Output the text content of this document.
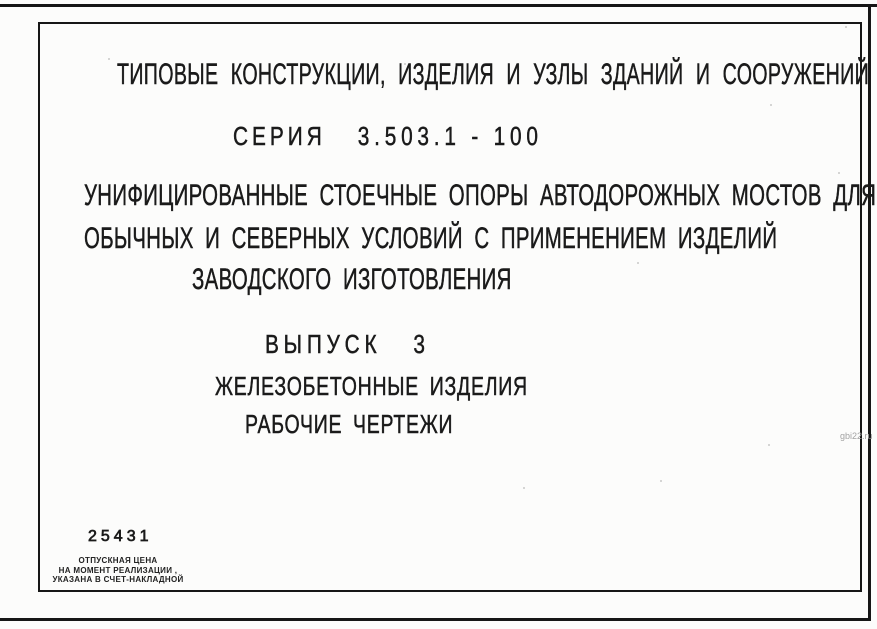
ТИПОВЫЕ КОНСТРУКЦИИ, ИЗДЕЛИЯ И УЗЛЫ ЗДАНИЙ И СООРУЖЕНИЙ
СЕРИЯ 3.503.1 - 100
УНИФИЦИРОВАННЫЕ СТОЕЧНЫЕ ОПОРЫ АВТОДОРОЖНЫХ МОСТОВ ДЛЯ
ОБЫЧНЫХ И СЕВЕРНЫХ УСЛОВИЙ С ПРИМЕНЕНИЕМ ИЗДЕЛИЙ
ЗАВОДСКОГО ИЗГОТОВЛЕНИЯ
ВЫПУСК 3
ЖЕЛЕЗОБЕТОННЫЕ ИЗДЕЛИЯ
РАБОЧИЕ ЧЕРТЕЖИ
25431
ОТПУСКНАЯ ЦЕНА
НА МОМЕНТ РЕАЛИЗАЦИИ ,
УКАЗАНА В СЧЕТ-НАКЛАДНОЙ
gbi22.ru
